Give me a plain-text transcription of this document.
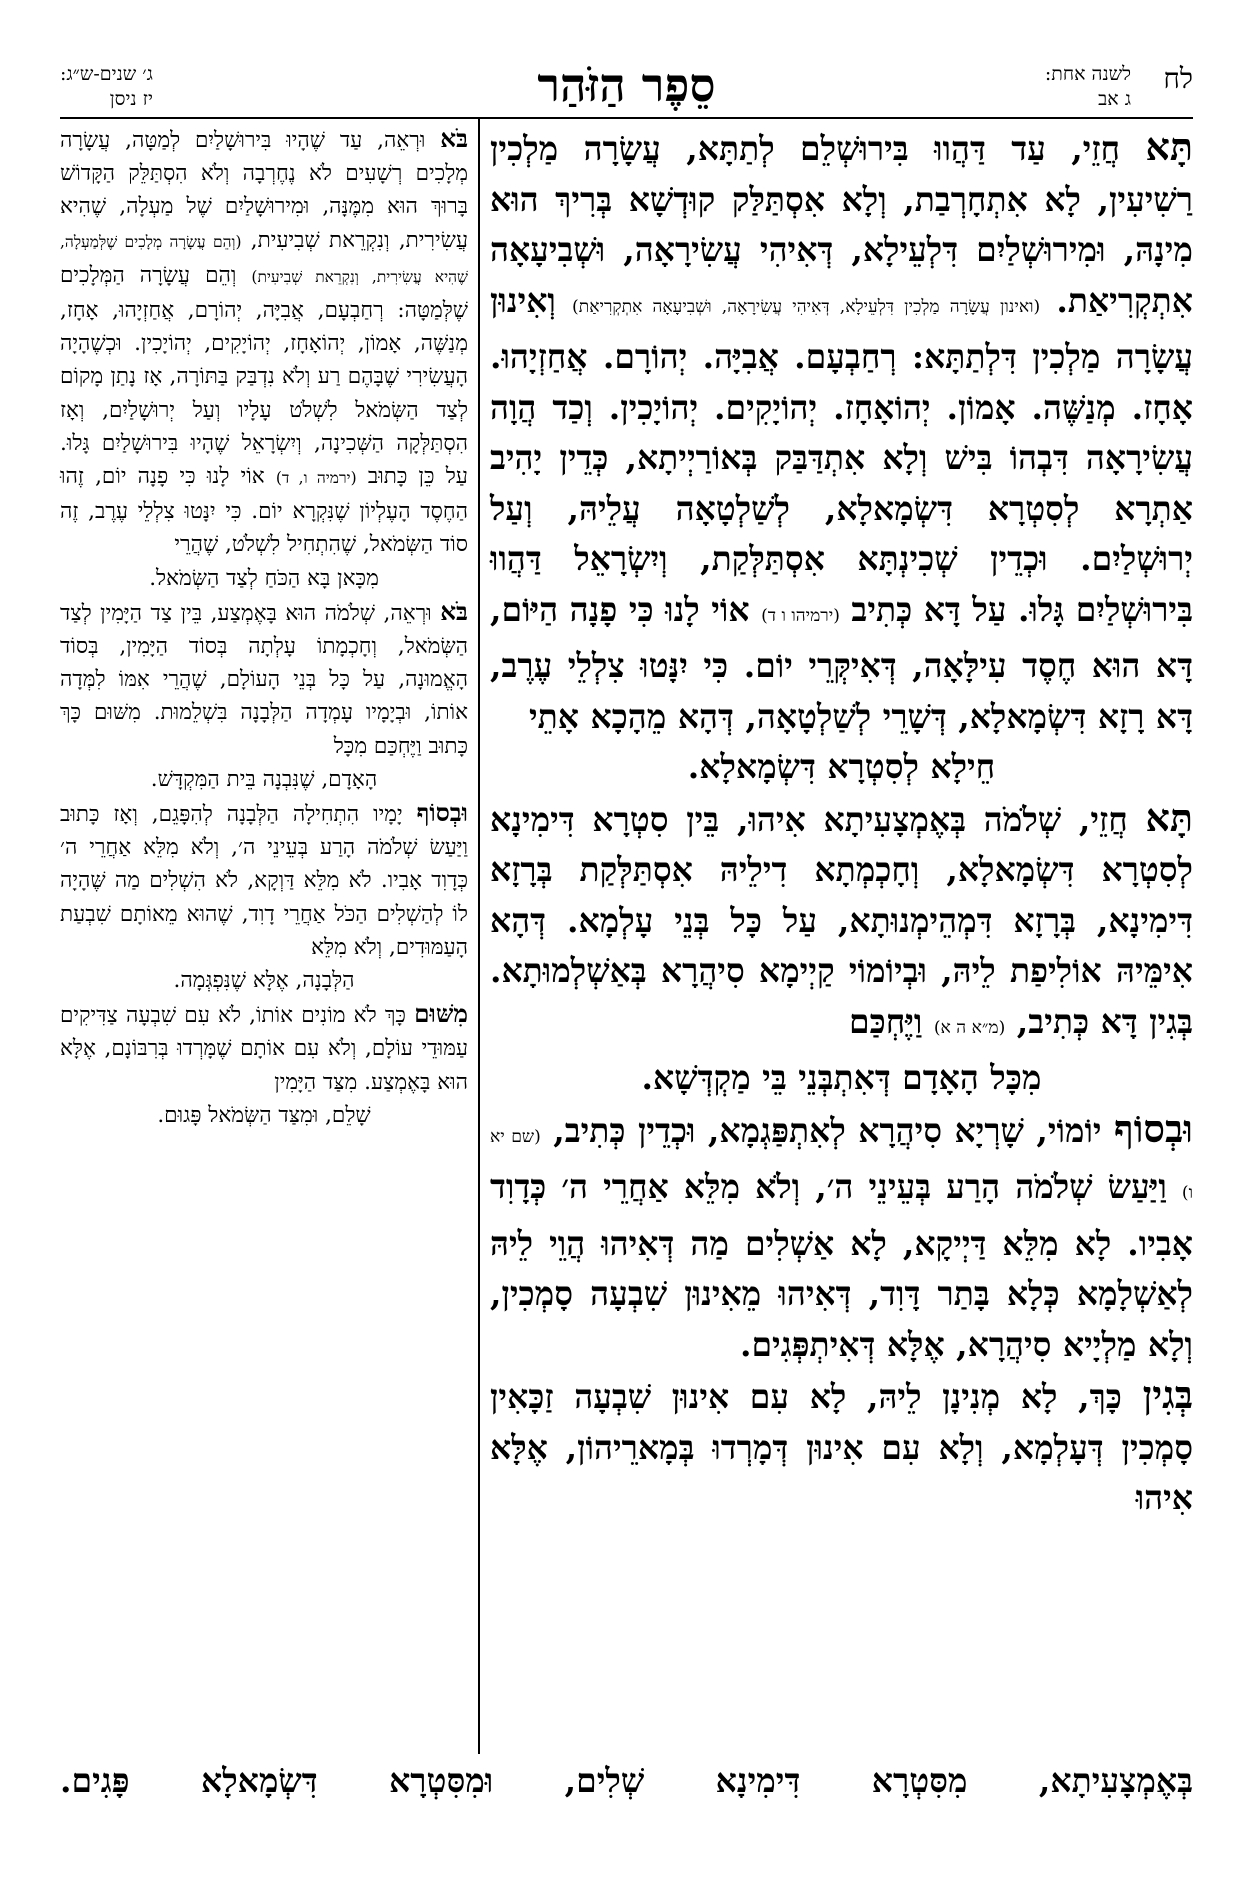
לח
לשנה אחת:
ג אב
סֵפֶר הַזֹּהַר
ג׳ שנים-ש״ג:
יז ניסן

תָּא חֲזֵי, עַד דַּהֲווּ בִּירוּשְׁלֵם לְתַתָּא, עֲשָׂרָה מַלְכִין רַשִׁיעִין, לָא אִתְחָרְבַת, וְלָא אִסְתַּלַּק קוּדְשָׁא בְּרִיךְ הוּא מִינָהּ, וּמִירוּשְׁלַיִם דִּלְעֵילָא, דְּאִיהִי עֲשִׂירָאָה, וּשְׁבִיעָאָה אִתְקְרִיאַת. (ואינון עֲשָׂרָה מַלְכִין דִּלְעֵילָא, דְּאִיהִי עֲשִׂירָאָה, וּשְׁבִיעָאָה אִתְקְרִיאַת) וְאִינוּן עֲשָׂרָה מַלְכִין דִּלְתַתָּא: רְחַבְעָם. אֲבִיָּה. יְהוֹרָם. אֲחַזְיָהוּ. אָחָז. מְנַשֶּׁה. אָמוֹן. יְהוֹאָחָז. יְהוֹיָקִים. יְהוֹיָכִין. וְכַד הֲוָה עֲשִׂירָאָה דִּבְהוֹ בִּישׁ וְלָא אִתְדַּבַּק בְּאוֹרַיְיתָא, כְּדֵין יָהִיב אַתְרָא לְסִטְרָא דִּשְׂמָאלָא, לְשַׁלְטָאָה עֲלֵיהּ, וְעַל יְרוּשְׁלַיִם. וּכְדֵין שְׁכִינְתָּא אִסְתַּלְּקַת, וְיִשְׂרָאֵל דַּהֲווּ בִּירוּשְׁלַיִם גָּלוּ. עַל דָּא כְּתִיב (ירמיהו ו ד) אוֹי לָנוּ כִּי פָנָה הַיּוֹם, דָּא הוּא חֶסֶד עִילָּאָה, דְּאִיקְּרֵי יוֹם. כִּי יִנָּטוּ צִלְלֵי עֶרֶב, דָּא רָזָא דִּשְׂמָאלָא, דְּשָׁרֵי לְשַׁלְטָאָה, דְּהָא מֵהָכָא אָתֵי

חֵילָא לְסִטְרָא דִּשְׂמָאלָא.

תָּא חֲזֵי, שְׁלֹמֹה בְּאֶמְצָעִיתָא אִיהוּ, בֵּין סִטְרָא דִּימִינָא לְסִטְרָא דִּשְׂמָאלָא, וְחָכְמְתָא דִילֵיהּ אִסְתַּלְּקַת בְּרָזָא דִּימִינָא, בְּרָזָא דִּמְהֵימְנוּתָא, עַל כָּל בְּנֵי עָלְמָא. דְּהָא אִימֵּיהּ אוֹלִיפַת לֵיהּ, וּבְיוֹמוֹי קַיְימָא סִיהֲרָא בְּאַשְׁלְמוּתָא. בְּגִין דָּא כְּתִיב, (מ״א ה א) וַיֶּחְכַּם

מִכָּל הָאָדָם דְּאִתְבְּנֵי בֵּי מַקְדְּשָׁא.

וּבְסוֹף יוֹמוֹי, שָׁרְיָא סִיהֲרָא לְאִתְפַּגְמָא, וּכְדֵין כְּתִיב, (שם יא ו) וַיַּעַשׂ שְׁלֹמֹה הָרַע בְּעֵינֵי ה׳, וְלֹא מִלֵּא אַחֲרֵי ה׳ כְּדָוִד אָבִיו. לָא מִלֵּא דַּיְיקָא, לָא אַשְׁלִים מַה דְּאִיהוּ הֲוֵי לֵיהּ לְאַשְׁלָמָא כְּלָא בָּתַר דָּוִד, דְּאִיהוּ מֵאִינוּן שִׁבְעָה סָמְכִין, וְלָא מַלְיָיא סִיהֲרָא, אֶלָּא דְּאִיתְפְּגִים.

בְּגִין כָּךְ, לָא מְנִינָן לֵיהּ, לָא עִם אִינוּן שִׁבְעָה זַכָּאִין סָמְכִין דְּעָלְמָא, וְלָא עִם אִינוּן דְּמָרְדוּ בְּמָארֵיהוֹן, אֶלָּא אִיהוּ

בֹּא וּרְאֵה, עַד שֶׁהָיוּ בִּירוּשָׁלַיִם לְמַטָּה, עֲשָׂרָה מְלָכִים רְשָׁעִים לֹא נֶחֶרְבָה וְלֹא הִסְתַּלֵּק הַקָּדוֹשׁ בָּרוּךְ הוּא מִמֶּנָּה, וּמִירוּשָׁלַיִם שֶׁל מַעְלָה, שֶׁהִיא עֲשִׂירִית, וְנִקְרֵאת שְׁבִיעִית, (וְהֵם עֲשָׂרָה מְלָכִים שֶׁלְּמַעְלָה, שֶׁהִיא עֲשִׂירִית, וְנִקְרֵאת שְׁבִיעִית) וְהֵם עֲשָׂרָה הַמְּלָכִים שֶׁלְּמַטָּה: רְחַבְעָם, אֲבִיָּה, יְהוֹרָם, אֲחַזְיָהוּ, אָחָז, מְנַשֶּׁה, אָמוֹן, יְהוֹאָחָז, יְהוֹיָקִים, יְהוֹיָכִין. וּכְשֶׁהָיָה הָעֲשִׂירִי שֶׁבָּהֶם רַע וְלֹא נִדְבַּק בַּתּוֹרָה, אָז נָתַן מָקוֹם לְצַד הַשְּׂמֹאל לִשְׁלֹט עָלָיו וְעַל יְרוּשָׁלַיִם, וְאָז הִסְתַּלְּקָה הַשְּׁכִינָה, וְיִשְׂרָאֵל שֶׁהָיוּ בִּירוּשָׁלַיִם גָּלוּ. עַל כֵּן כָּתוּב (ירמיה ו, ד) אוֹי לָנוּ כִּי פָנָה יוֹם, זֶהוּ הַחֶסֶד הָעֶלְיוֹן שֶׁנִּקְרָא יוֹם. כִּי יִנָּטוּ צִלְלֵי עֶרֶב, זֶה סוֹד הַשְּׂמֹאל, שֶׁהִתְחִיל לִשְׁלֹט, שֶׁהֲרֵי

מִכָּאן בָּא הַכֹּחַ לְצַד הַשְּׂמֹאל.

בֹּא וּרְאֵה, שְׁלֹמֹה הוּא בָּאֶמְצַע, בֵּין צַד הַיָּמִין לְצַד הַשְּׂמֹאל, וְחָכְמָתוֹ עָלְתָה בְּסוֹד הַיָּמִין, בְּסוֹד הָאֱמוּנָה, עַל כָּל בְּנֵי הָעוֹלָם, שֶׁהֲרֵי אִמּוֹ לִמְּדָה אוֹתוֹ, וּבְיָמָיו עָמְדָה הַלְּבָנָה בִּשְׁלֵמוּת. מִשּׁוּם כָּךְ כָּתוּב וַיֶּחְכַּם מִכָּל

הָאָדָם, שֶׁנִּבְנָה בֵּית הַמִּקְדָּשׁ.

וּבְסוֹף יָמָיו הִתְחִילָה הַלְּבָנָה לְהִפָּגֵם, וְאָז כָּתוּב וַיַּעַשׂ שְׁלֹמֹה הָרַע בְּעֵינֵי ה׳, וְלֹא מִלֵּא אַחֲרֵי ה׳ כְּדָוִד אָבִיו. לֹא מִלֵּא דַּוְקָא, לֹא הִשְׁלִים מַה שֶּׁהָיָה לוֹ לְהַשְׁלִים הַכֹּל אַחֲרֵי דָוִד, שֶׁהוּא מֵאוֹתָם שִׁבְעַת הָעַמּוּדִים, וְלֹא מִלֵּא

הַלְּבָנָה, אֶלָּא שֶׁנִּפְגְּמָה.

מִשּׁוּם כָּךְ לֹא מוֹנִים אוֹתוֹ, לֹא עִם שִׁבְעָה צַדִּיקִים עַמּוּדֵי עוֹלָם, וְלֹא עִם אוֹתָם שֶׁמָּרְדוּ בְּרִבּוֹנָם, אֶלָּא הוּא בָּאֶמְצַע. מִצַּד הַיָּמִין

שָׁלֵם, וּמִצַּד הַשְּׂמֹאל פָּגוּם.

בְּאֶמְצָעִיתָא, מִסִּטְרָא דִּימִינָא שְׁלִים, וּמִסִּטְרָא דִּשְׂמָאלָא פָּגִים.
